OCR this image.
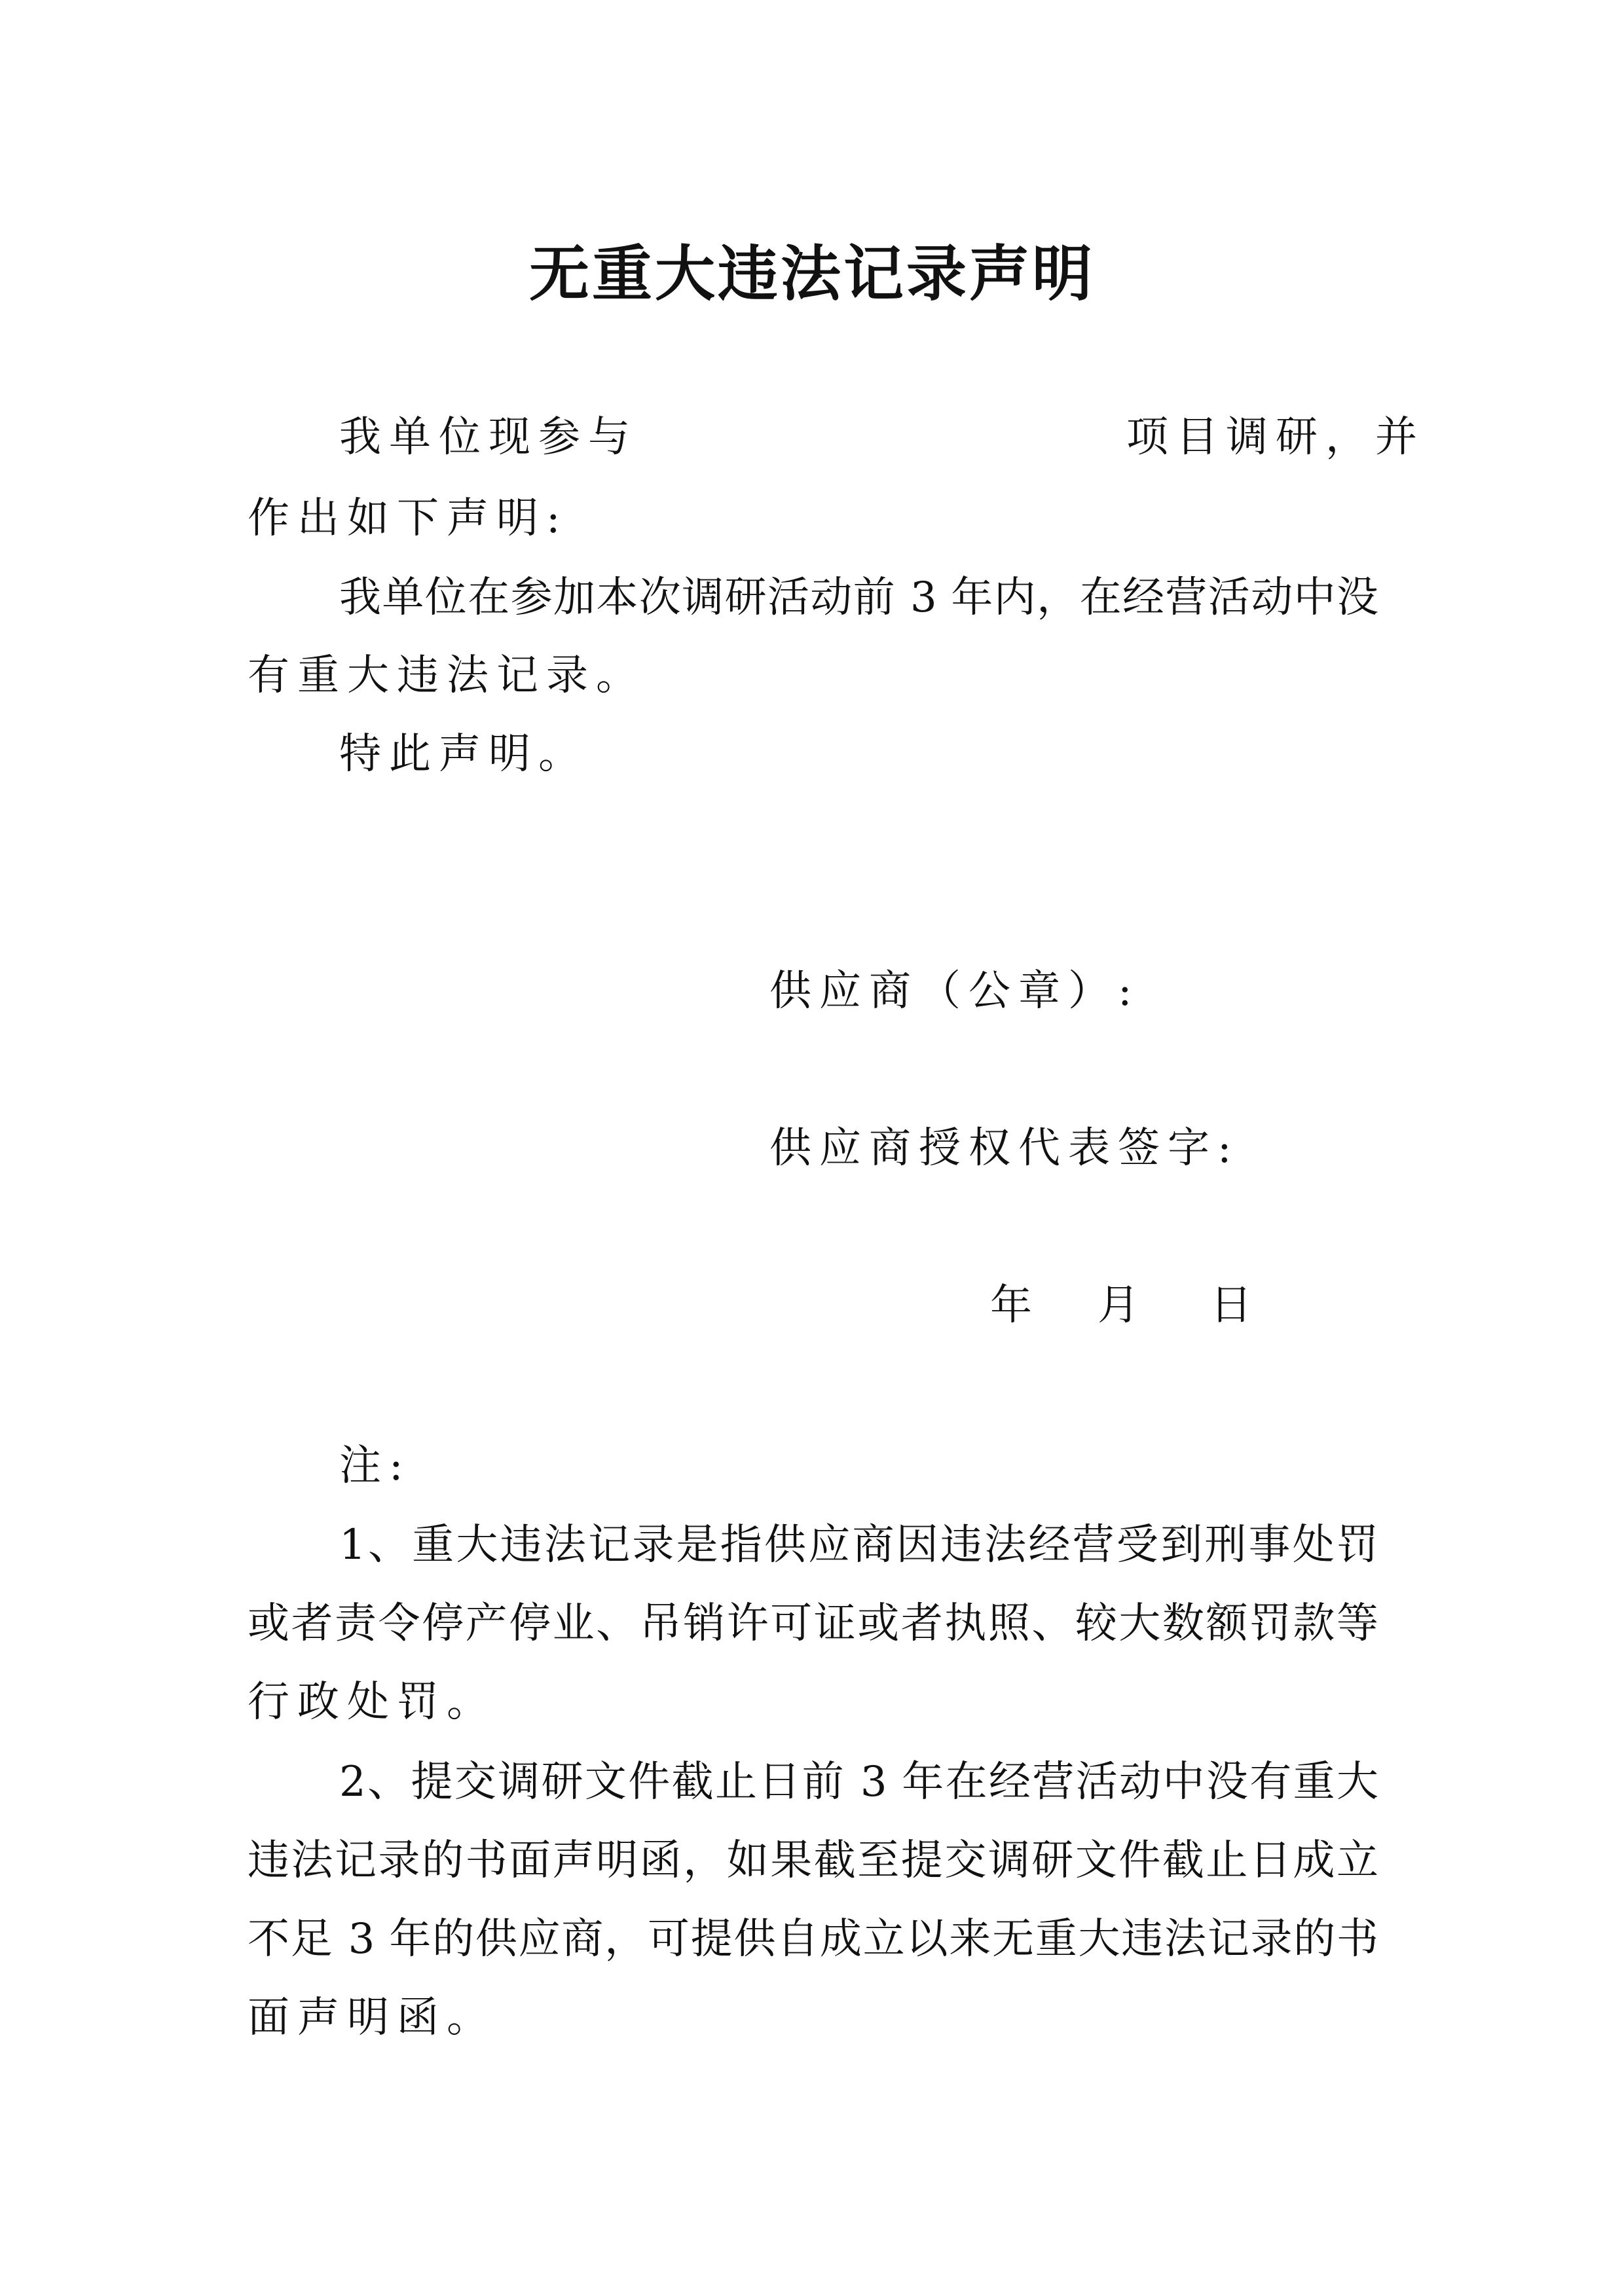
无重大违法记录声明
我单位现参与	项目调研，并
作出如下声明:
我单位在参加本次调研活动前 3 年内，在经营活动中没
有重大违法记录。
特此声明。
供应商（公章）:
供应商授权代表签字:
年 月 日
注:
1、重大违法记录是指供应商因违法经营受到刑事处罚
或者责令停产停业、吊销许可证或者执照、较大数额罚款等
行政处罚。
2、提交调研文件截止日前 3 年在经营活动中没有重大
违法记录的书面声明函，如果截至提交调研文件截止日成立
不足 3 年的供应商，可提供自成立以来无重大违法记录的书
面声明函。
